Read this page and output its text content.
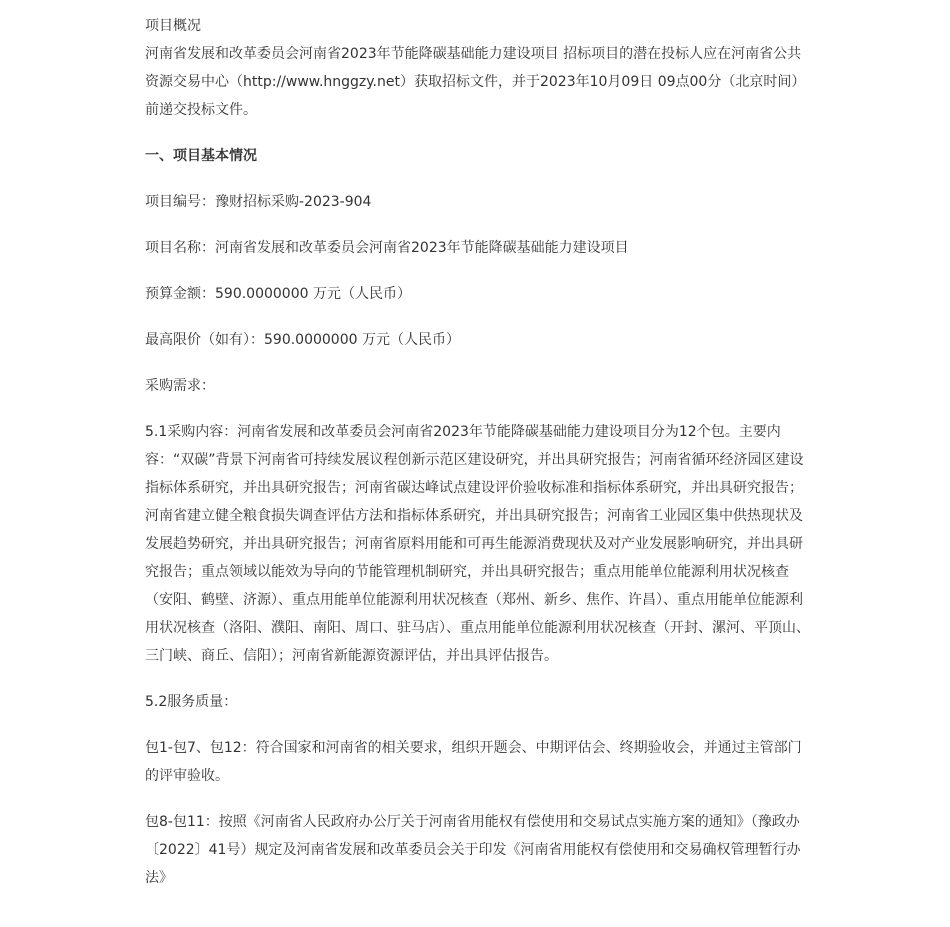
项目概况

河南省发展和改革委员会河南省2023年节能降碳基础能力建设项目 招标项目的潜在投标人应在河南省公共资源交易中心（http://www.hnggzy.net）获取招标文件，并于2023年10月09日 09点00分（北京时间）前递交投标文件。

一、项目基本情况

项目编号：豫财招标采购-2023-904

项目名称：河南省发展和改革委员会河南省2023年节能降碳基础能力建设项目

预算金额：590.0000000 万元（人民币）

最高限价（如有）：590.0000000 万元（人民币）

采购需求：

5.1采购内容：河南省发展和改革委员会河南省2023年节能降碳基础能力建设项目分为12个包。主要内容：“双碳”背景下河南省可持续发展议程创新示范区建设研究，并出具研究报告；河南省循环经济园区建设指标体系研究，并出具研究报告；河南省碳达峰试点建设评价验收标准和指标体系研究，并出具研究报告；河南省建立健全粮食损失调查评估方法和指标体系研究，并出具研究报告；河南省工业园区集中供热现状及发展趋势研究，并出具研究报告；河南省原料用能和可再生能源消费现状及对产业发展影响研究，并出具研究报告；重点领域以能效为导向的节能管理机制研究，并出具研究报告；重点用能单位能源利用状况核查（安阳、鹤壁、济源）、重点用能单位能源利用状况核查（郑州、新乡、焦作、许昌）、重点用能单位能源利用状况核查（洛阳、濮阳、南阳、周口、驻马店）、重点用能单位能源利用状况核查（开封、漯河、平顶山、三门峡、商丘、信阳）；河南省新能源资源评估，并出具评估报告。

5.2服务质量：

包1-包7、包12：符合国家和河南省的相关要求，组织开题会、中期评估会、终期验收会，并通过主管部门的评审验收。

包8-包11：按照《河南省人民政府办公厅关于河南省用能权有偿使用和交易试点实施方案的通知》（豫政办〔2022〕41号）规定及河南省发展和改革委员会关于印发《河南省用能权有偿使用和交易确权管理暂行办法》
